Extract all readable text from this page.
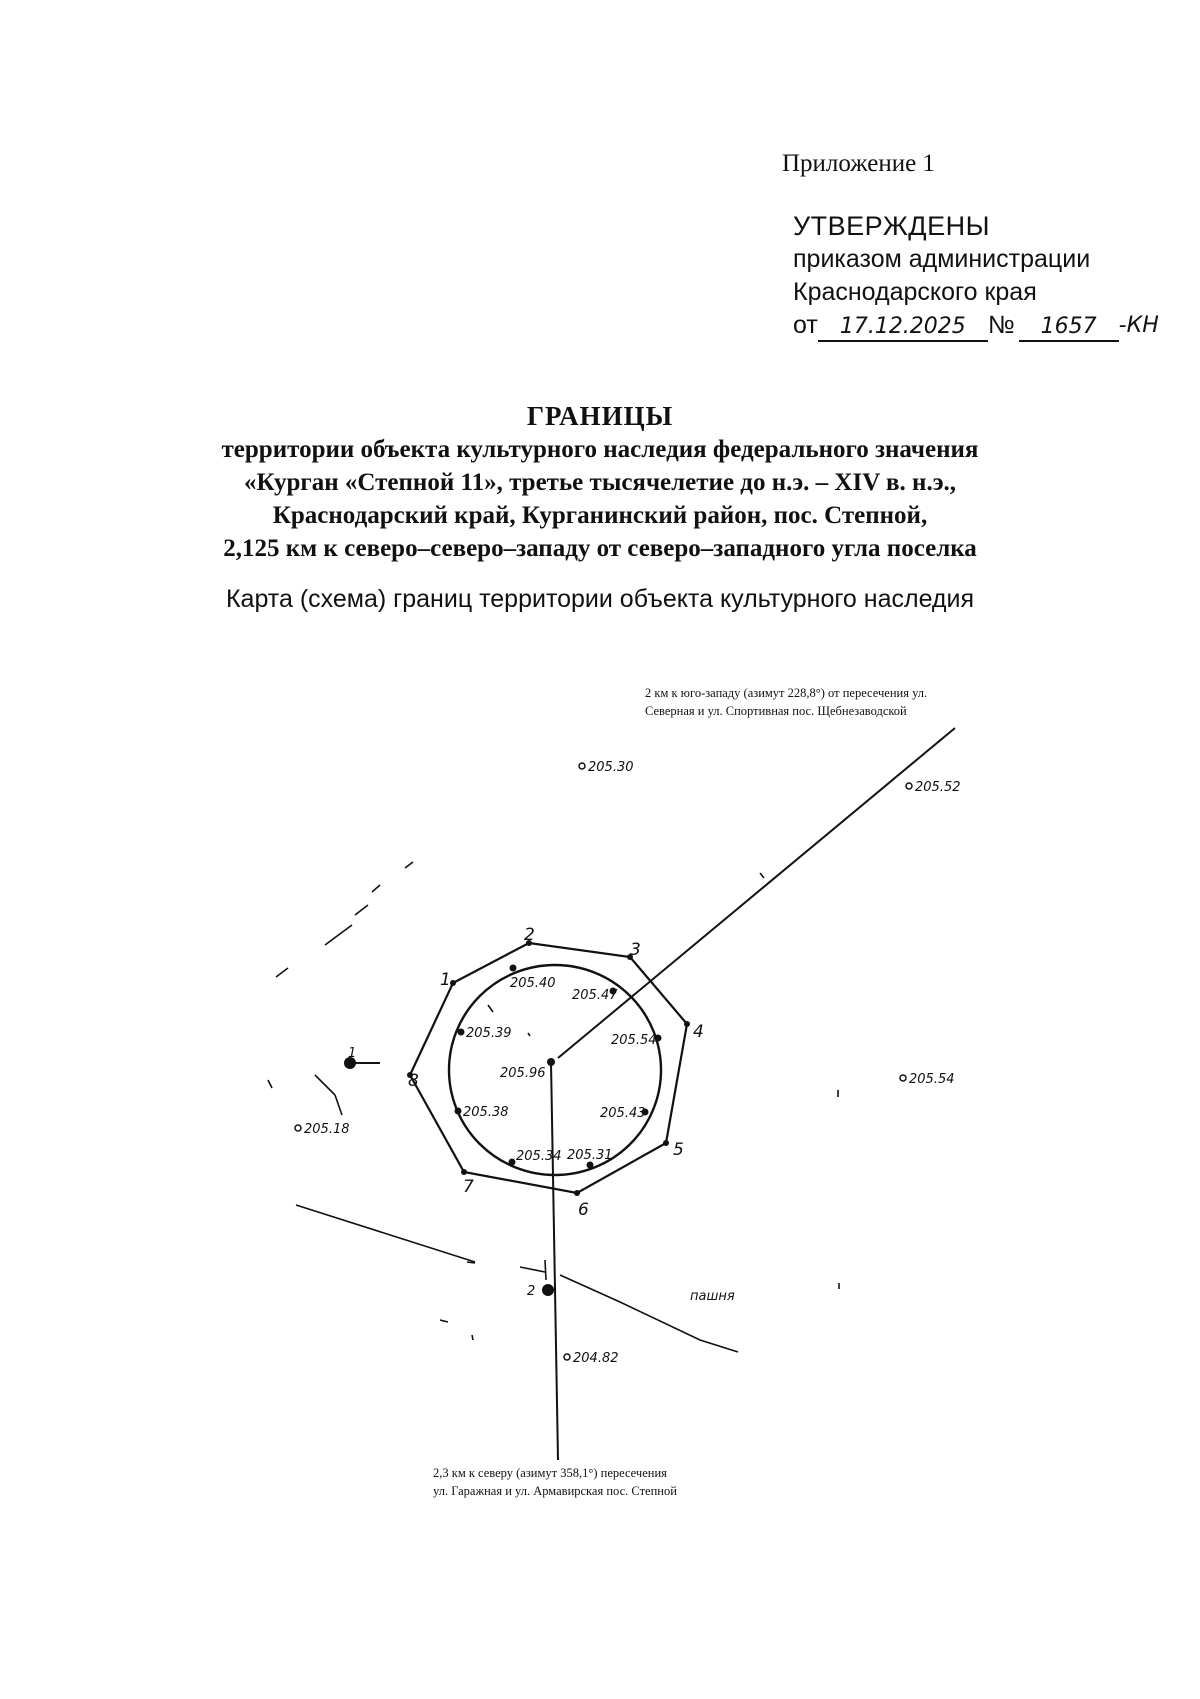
Приложение 1
УТВЕРЖДЕНЫ
приказом администрации
Краснодарского края
от	17.12.2025 №	1657	-КН
ГРАНИЦЫ
территории объекта культурного наследия федерального значения
«Курган «Степной 11», третье тысячелетие до н.э. – XIV в. н.э.,
Краснодарский край, Курганинский район, пос. Степной,
2,125 км к северо–северо–западу от северо–западного угла поселка
Карта (схема) границ территории объекта культурного наследия
1
2
3
4
5
6
7
8
1
2
205.30
205.52
205.54
205.18
204.82
205.40
205.47
205.39	205.54
205.96
205.38	205.43
205.34 205.31
пашня
2 км к юго-западу (азимут 228,8°) от пересечения ул.
Северная и ул. Спортивная пос. Щебнезаводской
2,3 км к северу (азимут 358,1°) пересечения
ул. Гаражная и ул. Армавирская пос. Степной
